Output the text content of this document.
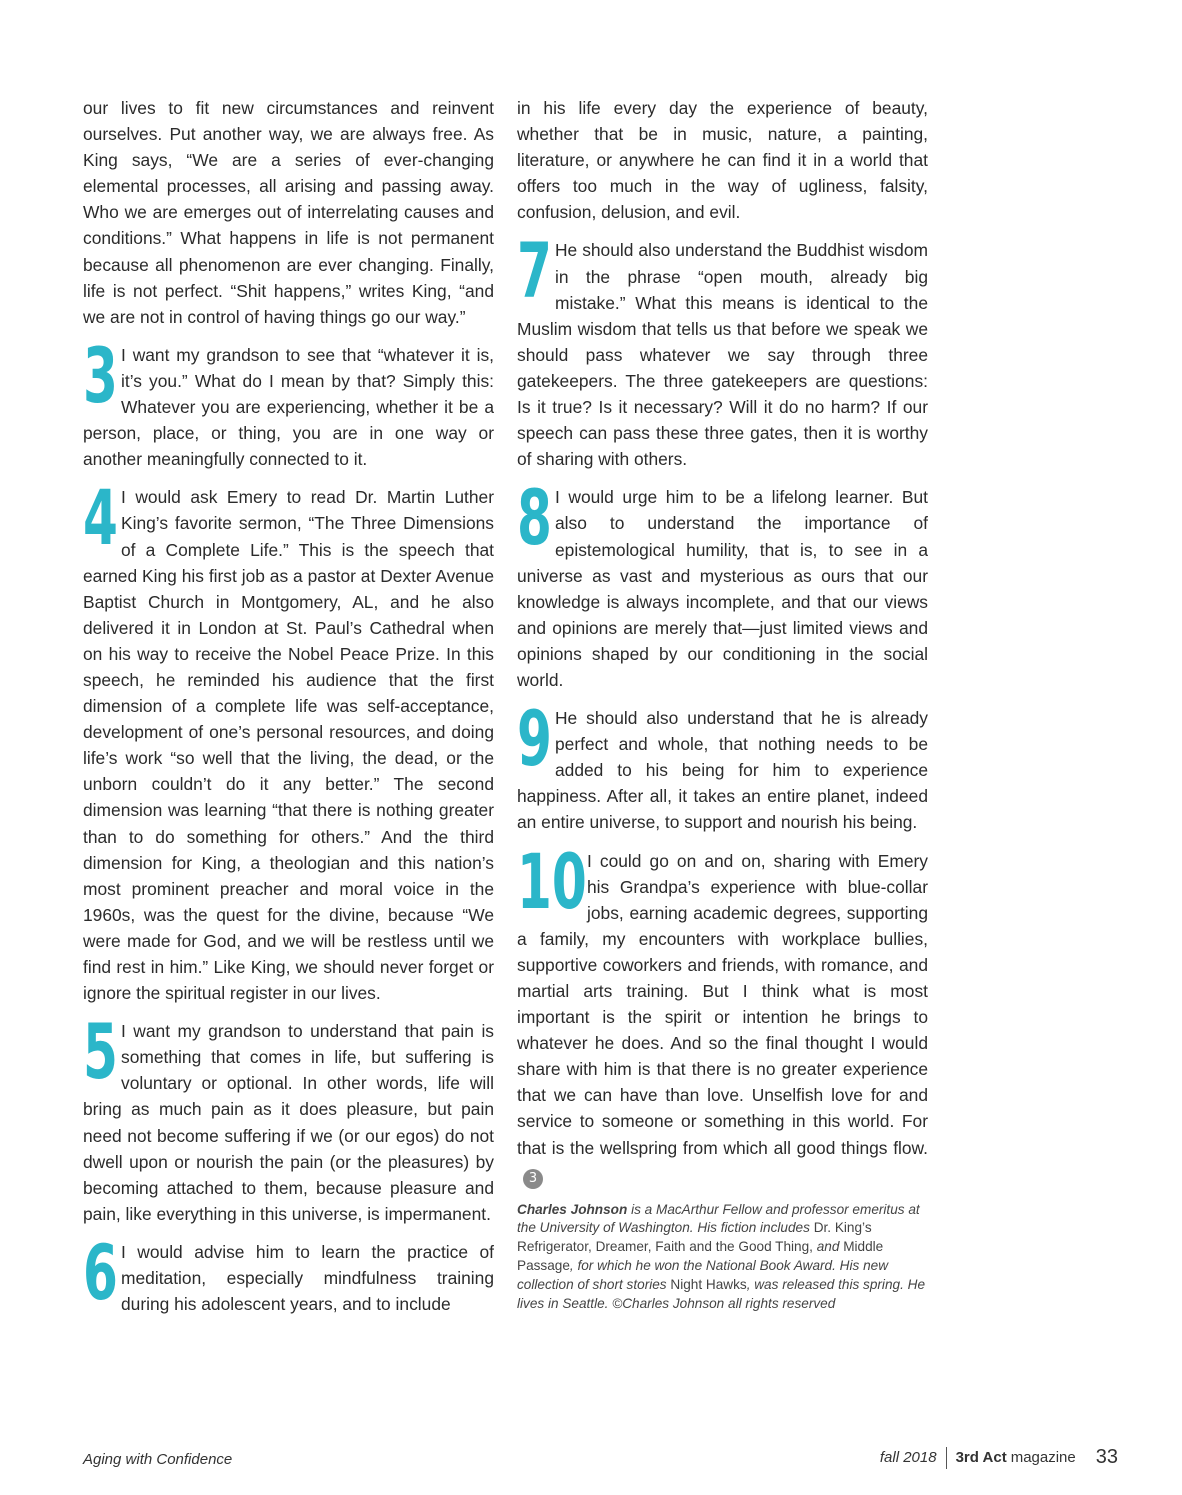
our lives to fit new circumstances and reinvent ourselves. Put another way, we are always free. As King says, “We are a series of ever-changing elemental processes, all arising and passing away. Who we are emerges out of interrelating causes and conditions.” What happens in life is not permanent because all phenomenon are ever changing. Finally, life is not perfect. “Shit happens,” writes King, “and we are not in control of having things go our way.”

3 I want my grandson to see that “whatever it is, it’s you.” What do I mean by that? Simply this: Whatever you are experiencing, whether it be a person, place, or thing, you are in one way or another meaningfully connected to it.

4 I would ask Emery to read Dr. Martin Luther King’s favorite sermon, “The Three Dimensions of a Complete Life.” This is the speech that earned King his first job as a pastor at Dexter Avenue Baptist Church in Montgomery, AL, and he also delivered it in London at St. Paul’s Cathedral when on his way to receive the Nobel Peace Prize. In this speech, he reminded his audience that the first dimension of a complete life was self-acceptance, development of one’s personal resources, and doing life’s work “so well that the living, the dead, or the unborn couldn’t do it any better.” The second dimension was learning “that there is nothing greater than to do something for others.” And the third dimension for King, a theologian and this nation’s most prominent preacher and moral voice in the 1960s, was the quest for the divine, because “We were made for God, and we will be restless until we find rest in him.” Like King, we should never forget or ignore the spiritual register in our lives.

5 I want my grandson to understand that pain is something that comes in life, but suffering is voluntary or optional. In other words, life will bring as much pain as it does pleasure, but pain need not become suffering if we (or our egos) do not dwell upon or nourish the pain (or the pleasures) by becoming attached to them, because pleasure and pain, like everything in this universe, is impermanent.

6 I would advise him to learn the practice of meditation, especially mindfulness training during his adolescent years, and to include

in his life every day the experience of beauty, whether that be in music, nature, a painting, literature, or anywhere he can find it in a world that offers too much in the way of ugliness, falsity, confusion, delusion, and evil.

7 He should also understand the Buddhist wisdom in the phrase “open mouth, already big mistake.” What this means is identical to the Muslim wisdom that tells us that before we speak we should pass whatever we say through three gatekeepers. The three gatekeepers are questions: Is it true? Is it necessary? Will it do no harm? If our speech can pass these three gates, then it is worthy of sharing with others.

8 I would urge him to be a lifelong learner. But also to understand the importance of epistemological humility, that is, to see in a universe as vast and mysterious as ours that our knowledge is always incomplete, and that our views and opinions are merely that—just limited views and opinions shaped by our conditioning in the social world.

9 He should also understand that he is already perfect and whole, that nothing needs to be added to his being for him to experience happiness. After all, it takes an entire planet, indeed an entire universe, to support and nourish his being.

10 I could go on and on, sharing with Emery his Grandpa’s experience with blue-collar jobs, earning academic degrees, supporting a family, my encounters with workplace bullies, supportive coworkers and friends, with romance, and martial arts training. But I think what is most important is the spirit or intention he brings to whatever he does. And so the final thought I would share with him is that there is no greater experience that we can have than love. Unselfish love for and service to someone or something in this world. For that is the wellspring from which all good things flow.3

Charles Johnson is a MacArthur Fellow and professor emeritus at the University of Washington. His fiction includes Dr. King’s Refrigerator, Dreamer, Faith and the Good Thing, and Middle Passage, for which he won the National Book Award. His new collection of short stories Night Hawks, was released this spring. He lives in Seattle. ©Charles Johnson all rights reserved
Aging with Confidence	fall 2018 3rd Act magazine 33
